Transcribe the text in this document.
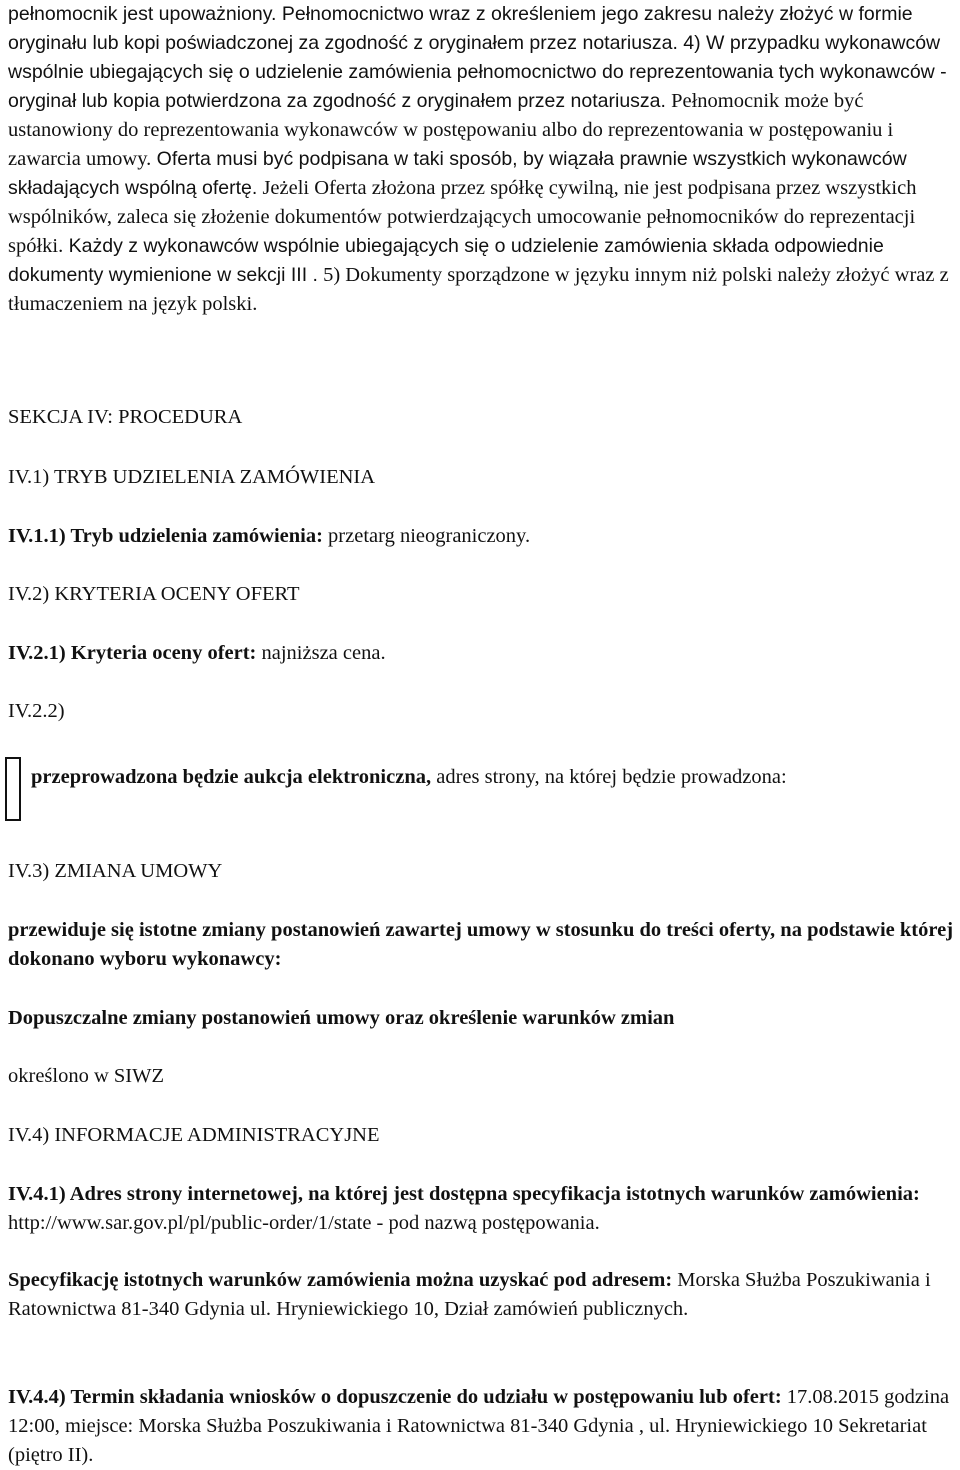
pełnomocnik jest upoważniony. Pełnomocnictwo wraz z określeniem jego zakresu należy złożyć w formie oryginału lub kopi poświadczonej za zgodność z oryginałem przez notariusza. 4) W przypadku wykonawców wspólnie ubiegających się o udzielenie zamówienia pełnomocnictwo do reprezentowania tych wykonawców -oryginał lub kopia potwierdzona za zgodność z oryginałem przez notariusza. Pełnomocnik może być ustanowiony do reprezentowania wykonawców w postępowaniu albo do reprezentowania w postępowaniu i zawarcia umowy. Oferta musi być podpisana w taki sposób, by wiązała prawnie wszystkich wykonawców składających wspólną ofertę. Jeżeli Oferta złożona przez spółkę cywilną, nie jest podpisana przez wszystkich wspólników, zaleca się złożenie dokumentów potwierdzających umocowanie pełnomocników do reprezentacji spółki. Każdy z wykonawców wspólnie ubiegających się o udzielenie zamówienia składa odpowiednie dokumenty wymienione w sekcji III . 5) Dokumenty sporządzone w języku innym niż polski należy złożyć wraz z tłumaczeniem na język polski.

SEKCJA IV: PROCEDURA

IV.1) TRYB UDZIELENIA ZAMÓWIENIA

IV.1.1) Tryb udzielenia zamówienia: przetarg nieograniczony.

IV.2) KRYTERIA OCENY OFERT

IV.2.1) Kryteria oceny ofert: najniższa cena.

IV.2.2)

przeprowadzona będzie aukcja elektroniczna, adres strony, na której będzie prowadzona:

IV.3) ZMIANA UMOWY

przewiduje się istotne zmiany postanowień zawartej umowy w stosunku do treści oferty, na podstawie której dokonano wyboru wykonawcy:

Dopuszczalne zmiany postanowień umowy oraz określenie warunków zmian

określono w SIWZ

IV.4) INFORMACJE ADMINISTRACYJNE

IV.4.1) Adres strony internetowej, na której jest dostępna specyfikacja istotnych warunków zamówienia: http://www.sar.gov.pl/pl/public-order/1/state - pod nazwą postępowania.

Specyfikację istotnych warunków zamówienia można uzyskać pod adresem: Morska Służba Poszukiwania i Ratownictwa 81-340 Gdynia ul. Hryniewickiego 10, Dział zamówień publicznych.

IV.4.4) Termin składania wniosków o dopuszczenie do udziału w postępowaniu lub ofert: 17.08.2015 godzina 12:00, miejsce: Morska Służba Poszukiwania i Ratownictwa 81-340 Gdynia , ul. Hryniewickiego 10 Sekretariat (piętro II).
